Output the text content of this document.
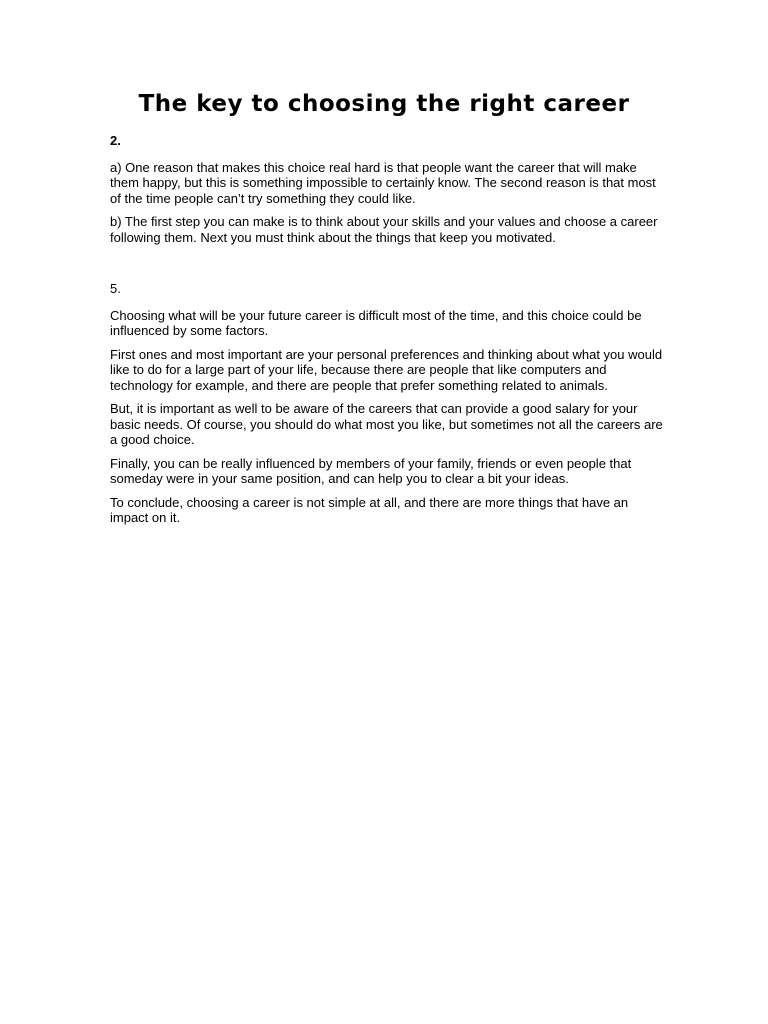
The key to choosing the right career

2.

a) One reason that makes this choice real hard is that people want the career that will make them happy, but this is something impossible to certainly know. The second reason is that most of the time people can’t try something they could like.

b) The first step you can make is to think about your skills and your values and choose a career following them. Next you must think about the things that keep you motivated.

5.

Choosing what will be your future career is difficult most of the time, and this choice could be influenced by some factors.

First ones and most important are your personal preferences and thinking about what you would like to do for a large part of your life, because there are people that like computers and technology for example, and there are people that prefer something related to animals.

But, it is important as well to be aware of the careers that can provide a good salary for your basic needs. Of course, you should do what most you like, but sometimes not all the careers are a good choice.

Finally, you can be really influenced by members of your family, friends or even people that someday were in your same position, and can help you to clear a bit your ideas.

To conclude, choosing a career is not simple at all, and there are more things that have an impact on it.
